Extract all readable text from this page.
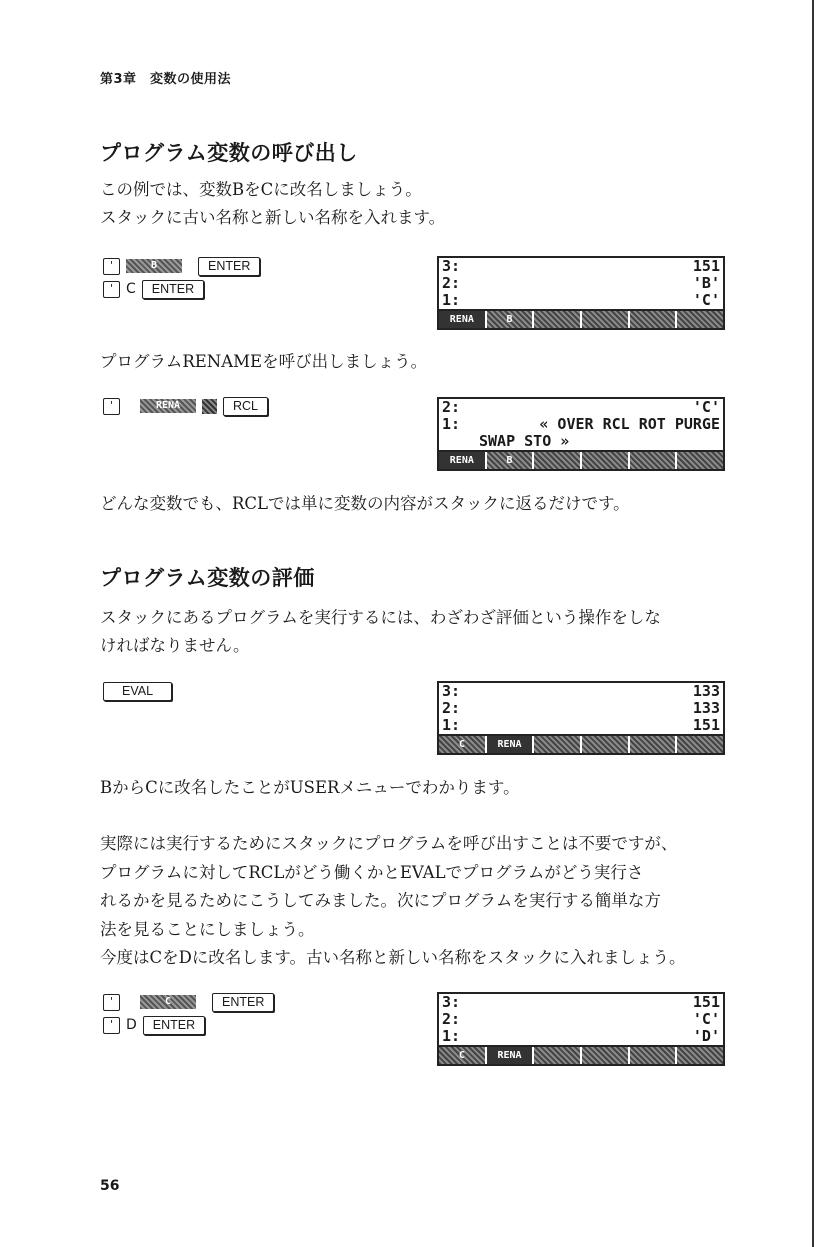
第3章　変数の使用法
プログラム変数の呼び出し
この例では、変数BをCに改名しましょう。
スタックに古い名称と新しい名称を入れます。
'	B	ENTER
' C	ENTER
3:	151
2:	'B'
1:	'C'
RENA	B
プログラムRENAMEを呼び出しましょう。
'	RENA	RCL	2:	'C'
1:	« OVER RCL ROT PURGE
SWAP STO »
RENA	B
どんな変数でも、RCLでは単に変数の内容がスタックに返るだけです。
プログラム変数の評価
スタックにあるプログラムを実行するには、わざわざ評価という操作をしな
ければなりません。
EVAL	3:	133
2:	133
1:	151
C	RENA
BからCに改名したことがUSERメニューでわかります。
実際には実行するためにスタックにプログラムを呼び出すことは不要ですが、
プログラムに対してRCLがどう働くかとEVALでプログラムがどう実行さ
れるかを見るためにこうしてみました。次にプログラムを実行する簡単な方
法を見ることにしましょう。
今度はCをDに改名します。古い名称と新しい名称をスタックに入れましょう。
'	C	ENTER
' D	ENTER
3:	151
2:	'C'
1:	'D'
C	RENA
56
